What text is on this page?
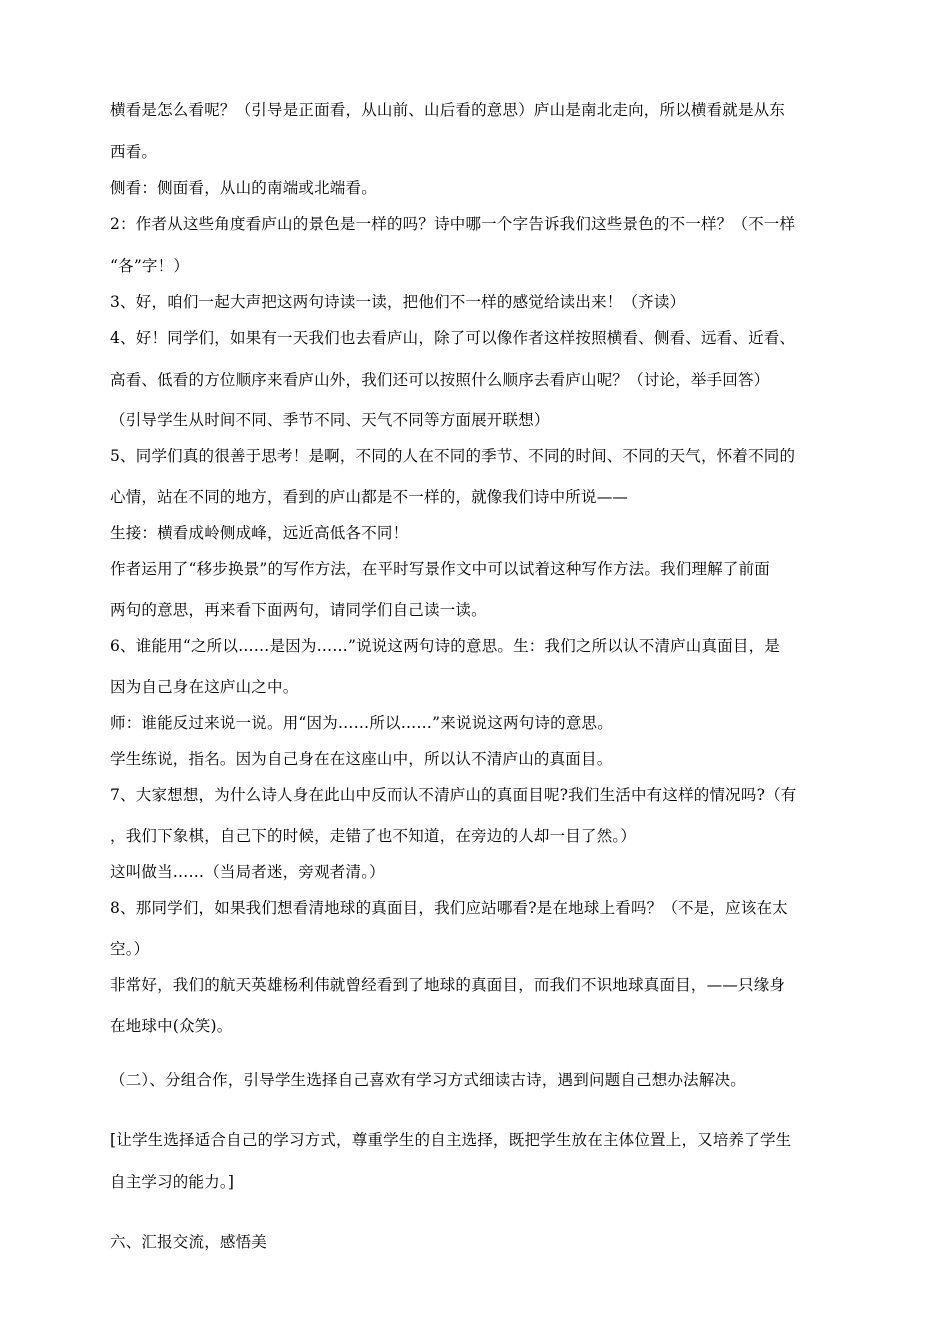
横看是怎么看呢？（引导是正面看，从山前、山后看的意思）庐山是南北走向，所以横看就是从东
西看。
侧看：侧面看，从山的南端或北端看。
2：作者从这些角度看庐山的景色是一样的吗？诗中哪一个字告诉我们这些景色的不一样？（不一样
“各”字！）
3、好，咱们一起大声把这两句诗读一读，把他们不一样的感觉给读出来！（齐读）
4、好！同学们，如果有一天我们也去看庐山，除了可以像作者这样按照横看、侧看、远看、近看、
高看、低看的方位顺序来看庐山外，我们还可以按照什么顺序去看庐山呢？（讨论，举手回答）
（引导学生从时间不同、季节不同、天气不同等方面展开联想）
5、同学们真的很善于思考！是啊，不同的人在不同的季节、不同的时间、不同的天气，怀着不同的
心情，站在不同的地方，看到的庐山都是不一样的，就像我们诗中所说——
生接：横看成岭侧成峰，远近高低各不同！
作者运用了“移步换景”的写作方法，在平时写景作文中可以试着这种写作方法。我们理解了前面
两句的意思，再来看下面两句，请同学们自己读一读。
6、谁能用“之所以……是因为……”说说这两句诗的意思。生：我们之所以认不清庐山真面目，是
因为自己身在这庐山之中。
师：谁能反过来说一说。用“因为……所以……”来说说这两句诗的意思。
学生练说，指名。因为自己身在在这座山中，所以认不清庐山的真面目。
7、大家想想，为什么诗人身在此山中反而认不清庐山的真面目呢?我们生活中有这样的情况吗?（有
，我们下象棋，自己下的时候，走错了也不知道，在旁边的人却一目了然。）
这叫做当……（当局者迷，旁观者清。）
8、那同学们，如果我们想看清地球的真面目，我们应站哪看?是在地球上看吗？（不是，应该在太
空。）
非常好，我们的航天英雄杨利伟就曾经看到了地球的真面目，而我们不识地球真面目，——只缘身
在地球中(众笑)。
（二）、分组合作，引导学生选择自己喜欢有学习方式细读古诗，遇到问题自己想办法解决。
[让学生选择适合自己的学习方式，尊重学生的自主选择，既把学生放在主体位置上，又培养了学生
自主学习的能力。]
六、汇报交流，感悟美
